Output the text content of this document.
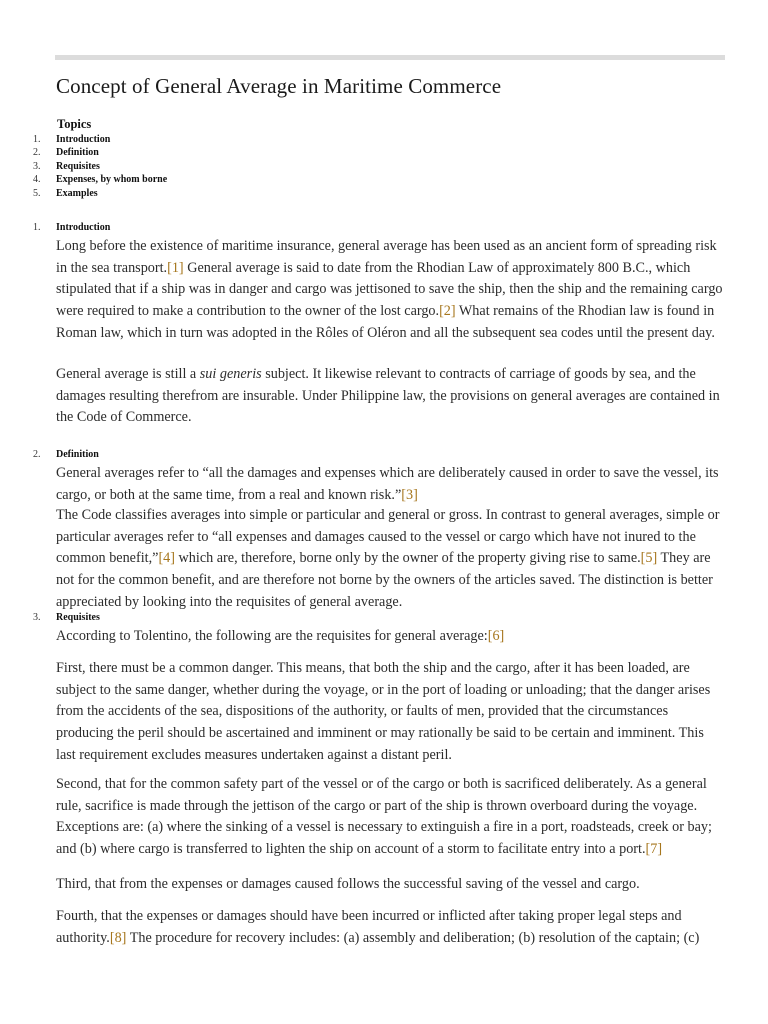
Concept of General Average in Maritime Commerce
Topics
1. Introduction
2. Definition
3. Requisites
4. Expenses, by whom borne
5. Examples
1. Introduction

Long before the existence of maritime insurance, general average has been used as an ancient form of spreading risk in the sea transport.[1] General average is said to date from the Rhodian Law of approximately 800 B.C., which stipulated that if a ship was in danger and cargo was jettisoned to save the ship, then the ship and the remaining cargo were required to make a contribution to the owner of the lost cargo.[2] What remains of the Rhodian law is found in Roman law, which in turn was adopted in the Rôles of Oléron and all the subsequent sea codes until the present day.

General average is still a sui generis subject. It likewise relevant to contracts of carriage of goods by sea, and the damages resulting therefrom are insurable. Under Philippine law, the provisions on general averages are contained in the Code of Commerce.

2. Definition

General averages refer to “all the damages and expenses which are deliberately caused in order to save the vessel, its cargo, or both at the same time, from a real and known risk.”[3]

The Code classifies averages into simple or particular and general or gross. In contrast to general averages, simple or particular averages refer to “all expenses and damages caused to the vessel or cargo which have not inured to the common benefit,”[4] which are, therefore, borne only by the owner of the property giving rise to same.[5] They are not for the common benefit, and are therefore not borne by the owners of the articles saved. The distinction is better appreciated by looking into the requisites of general average.

3. Requisites

According to Tolentino, the following are the requisites for general average:[6]

First, there must be a common danger. This means, that both the ship and the cargo, after it has been loaded, are subject to the same danger, whether during the voyage, or in the port of loading or unloading; that the danger arises from the accidents of the sea, dispositions of the authority, or faults of men, provided that the circumstances producing the peril should be ascertained and imminent or may rationally be said to be certain and imminent. This last requirement excludes measures undertaken against a distant peril.

Second, that for the common safety part of the vessel or of the cargo or both is sacrificed deliberately. As a general rule, sacrifice is made through the jettison of the cargo or part of the ship is thrown overboard during the voyage. Exceptions are: (a) where the sinking of a vessel is necessary to extinguish a fire in a port, roadsteads, creek or bay; and (b) where cargo is transferred to lighten the ship on account of a storm to facilitate entry into a port.[7]

Third, that from the expenses or damages caused follows the successful saving of the vessel and cargo.

Fourth, that the expenses or damages should have been incurred or inflicted after taking proper legal steps and authority.[8] The procedure for recovery includes: (a) assembly and deliberation; (b) resolution of the captain; (c)
